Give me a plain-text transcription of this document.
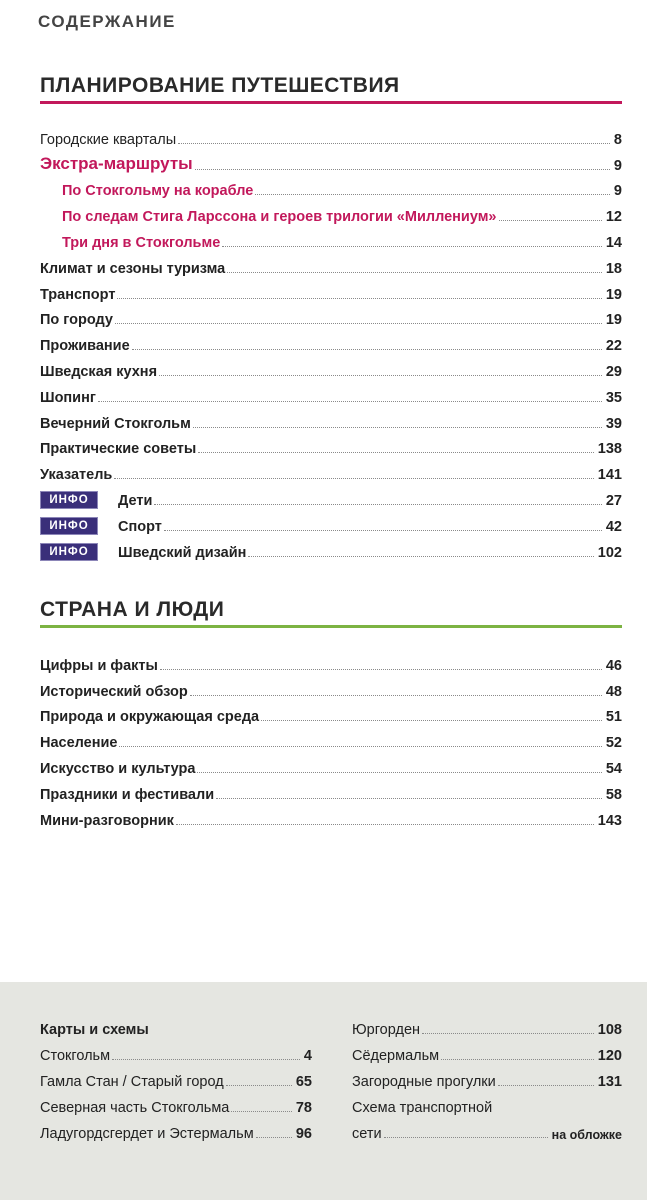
СОДЕРЖАНИЕ
ПЛАНИРОВАНИЕ ПУТЕШЕСТВИЯ
Городские кварталы	8
Экстра-маршруты	9
По Стокгольму на корабле	9
По следам Стига Ларссона и героев трилогии «Миллениум»	12
Три дня в Стокгольме	14
Климат и сезоны туризма	18
Транспорт	19
По городу	19
Проживание	22
Шведская кухня	29
Шопинг	35
Вечерний Стокгольм	39
Практические советы	138
Указатель	141
ИНФО	Дети	27
ИНФО	Спорт	42
ИНФО	Шведский дизайн	102
СТРАНА И ЛЮДИ
Цифры и факты	46
Исторический обзор	48
Природа и окружающая среда	51
Население	52
Искусство и культура	54
Праздники и фестивали	58
Мини-разговорник	143
Карты и схемы
Стокгольм	4
Гамла Стан / Старый город	65
Северная часть Стокгольма	78
Ладугордсгердет и Эстермальм	96
Юргорден	108
Сёдермальм	120
Загородные прогулки	131
Схема транспортной
сети	на обложке
